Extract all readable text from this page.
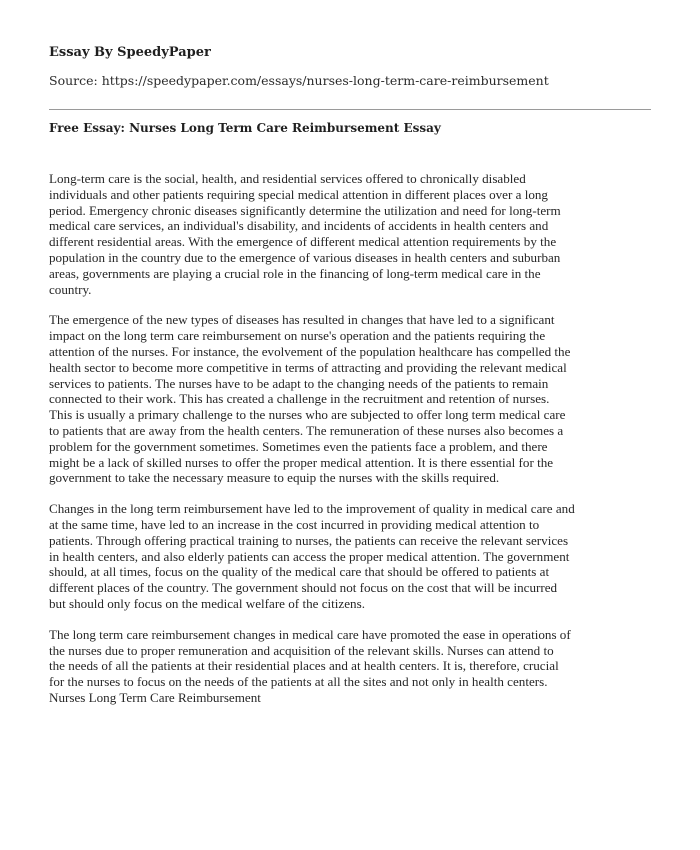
Essay By SpeedyPaper
Source: https://speedypaper.com/essays/nurses-long-term-care-reimbursement
Free Essay: Nurses Long Term Care Reimbursement Essay

Long-term care is the social, health, and residential services offered to chronically disabled
individuals and other patients requiring special medical attention in different places over a long
period. Emergency chronic diseases significantly determine the utilization and need for long-term
medical care services, an individual's disability, and incidents of accidents in health centers and
different residential areas. With the emergence of different medical attention requirements by the
population in the country due to the emergence of various diseases in health centers and suburban
areas, governments are playing a crucial role in the financing of long-term medical care in the
country.

The emergence of the new types of diseases has resulted in changes that have led to a significant
impact on the long term care reimbursement on nurse's operation and the patients requiring the
attention of the nurses. For instance, the evolvement of the population healthcare has compelled the
health sector to become more competitive in terms of attracting and providing the relevant medical
services to patients. The nurses have to be adapt to the changing needs of the patients to remain
connected to their work. This has created a challenge in the recruitment and retention of nurses.
This is usually a primary challenge to the nurses who are subjected to offer long term medical care
to patients that are away from the health centers. The remuneration of these nurses also becomes a
problem for the government sometimes. Sometimes even the patients face a problem, and there
might be a lack of skilled nurses to offer the proper medical attention. It is there essential for the
government to take the necessary measure to equip the nurses with the skills required.

Changes in the long term reimbursement have led to the improvement of quality in medical care and
at the same time, have led to an increase in the cost incurred in providing medical attention to
patients. Through offering practical training to nurses, the patients can receive the relevant services
in health centers, and also elderly patients can access the proper medical attention. The government
should, at all times, focus on the quality of the medical care that should be offered to patients at
different places of the country. The government should not focus on the cost that will be incurred
but should only focus on the medical welfare of the citizens.

The long term care reimbursement changes in medical care have promoted the ease in operations of
the nurses due to proper remuneration and acquisition of the relevant skills. Nurses can attend to
the needs of all the patients at their residential places and at health centers. It is, therefore, crucial
for the nurses to focus on the needs of the patients at all the sites and not only in health centers.
Nurses Long Term Care Reimbursement
